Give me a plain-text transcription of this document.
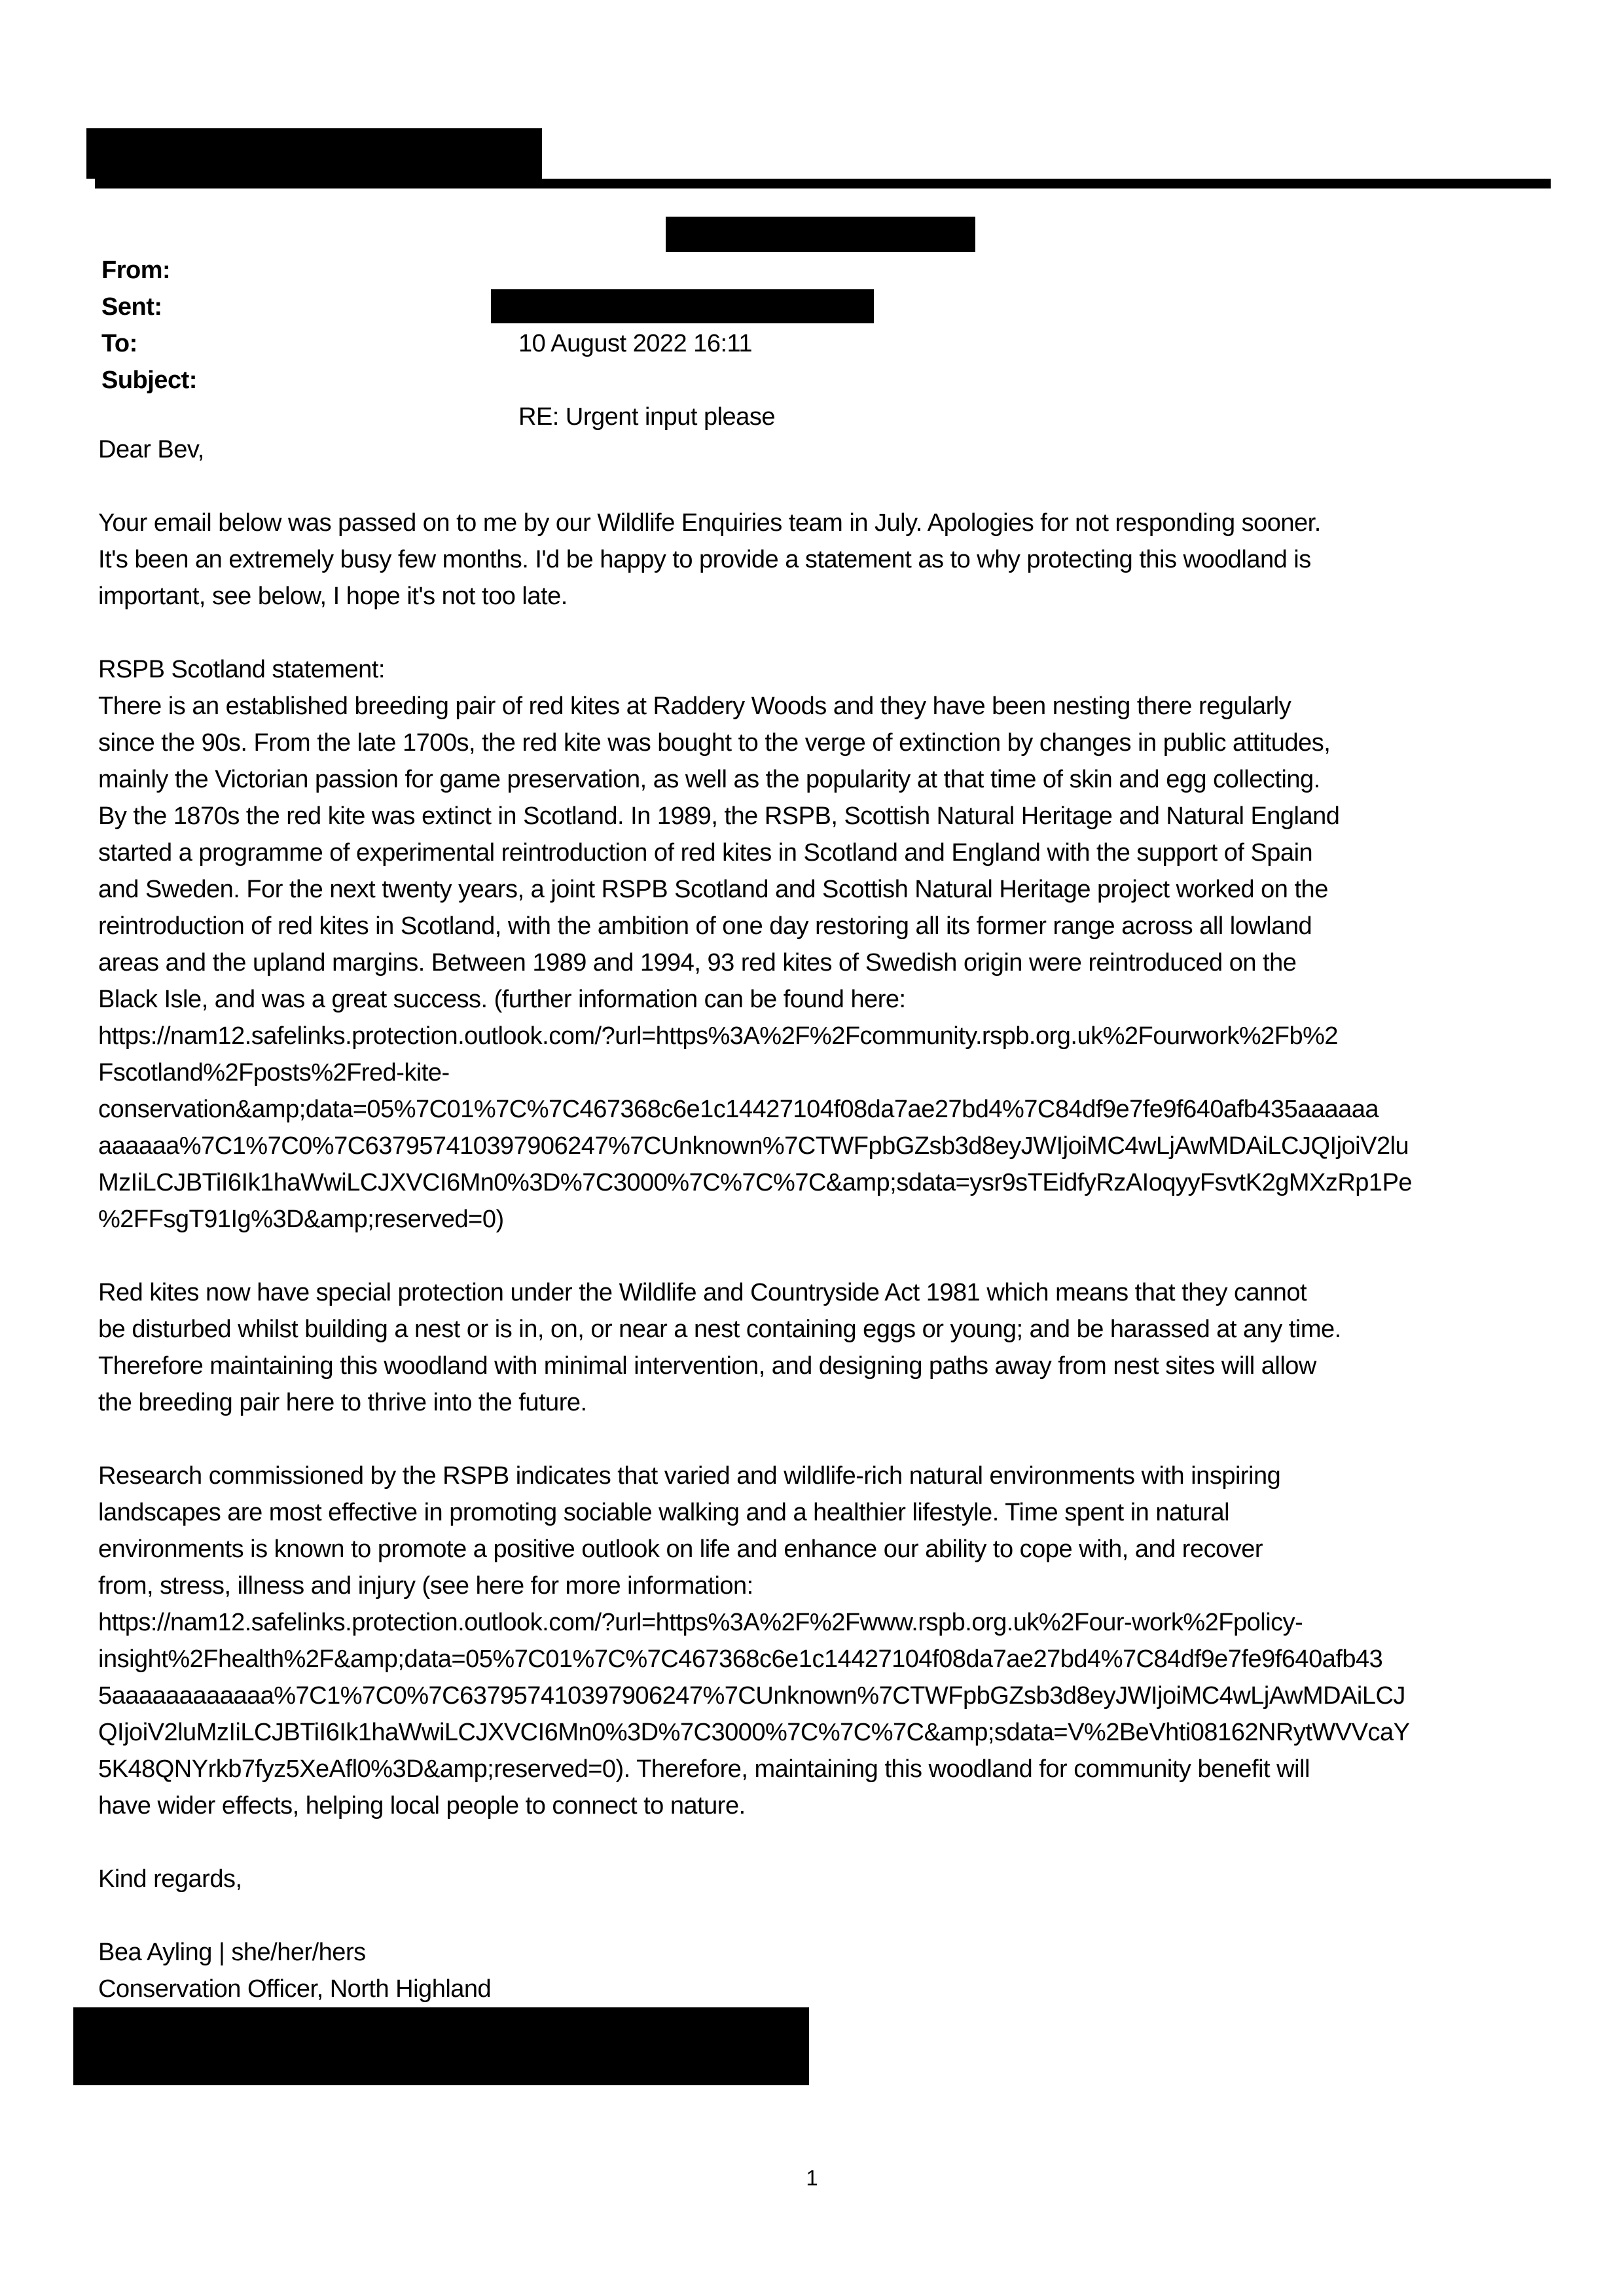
From:

Sent:

10 August 2022 16:11

To:

Subject:

RE: Urgent input please

Dear Bev,
Your email below was passed on to me by our Wildlife Enquiries team in July. Apologies for not responding sooner.
It's been an extremely busy few months. I'd be happy to provide a statement as to why protecting this woodland is
important, see below, I hope it's not too late.
RSPB Scotland statement:
There is an established breeding pair of red kites at Raddery Woods and they have been nesting there regularly
since the 90s. From the late 1700s, the red kite was bought to the verge of extinction by changes in public attitudes,
mainly the Victorian passion for game preservation, as well as the popularity at that time of skin and egg collecting.
By the 1870s the red kite was extinct in Scotland. In 1989, the RSPB, Scottish Natural Heritage and Natural England
started a programme of experimental reintroduction of red kites in Scotland and England with the support of Spain
and Sweden. For the next twenty years, a joint RSPB Scotland and Scottish Natural Heritage project worked on the
reintroduction of red kites in Scotland, with the ambition of one day restoring all its former range across all lowland
areas and the upland margins. Between 1989 and 1994, 93 red kites of Swedish origin were reintroduced on the
Black Isle, and was a great success. (further information can be found here:
https://nam12.safelinks.protection.outlook.com/?url=https%3A%2F%2Fcommunity.rspb.org.uk%2Fourwork%2Fb%2
Fscotland%2Fposts%2Fred-kite-
conservation&amp;data=05%7C01%7C%7C467368c6e1c14427104f08da7ae27bd4%7C84df9e7fe9f640afb435aaaaaa
aaaaaa%7C1%7C0%7C637957410397906247%7CUnknown%7CTWFpbGZsb3d8eyJWIjoiMC4wLjAwMDAiLCJQIjoiV2lu
MzIiLCJBTiI6Ik1haWwiLCJXVCI6Mn0%3D%7C3000%7C%7C%7C&amp;sdata=ysr9sTEidfyRzAIoqyyFsvtK2gMXzRp1Pe
%2FFsgT91Ig%3D&amp;reserved=0)
Red kites now have special protection under the Wildlife and Countryside Act 1981 which means that they cannot
be disturbed whilst building a nest or is in, on, or near a nest containing eggs or young; and be harassed at any time.
Therefore maintaining this woodland with minimal intervention, and designing paths away from nest sites will allow
the breeding pair here to thrive into the future.
Research commissioned by the RSPB indicates that varied and wildlife-rich natural environments with inspiring
landscapes are most effective in promoting sociable walking and a healthier lifestyle. Time spent in natural
environments is known to promote a positive outlook on life and enhance our ability to cope with, and recover
from, stress, illness and injury (see here for more information:
https://nam12.safelinks.protection.outlook.com/?url=https%3A%2F%2Fwww.rspb.org.uk%2Four-work%2Fpolicy-
insight%2Fhealth%2F&amp;data=05%7C01%7C%7C467368c6e1c14427104f08da7ae27bd4%7C84df9e7fe9f640afb43
5aaaaaaaaaaaa%7C1%7C0%7C637957410397906247%7CUnknown%7CTWFpbGZsb3d8eyJWIjoiMC4wLjAwMDAiLCJ
QIjoiV2luMzIiLCJBTiI6Ik1haWwiLCJXVCI6Mn0%3D%7C3000%7C%7C%7C&amp;sdata=V%2BeVhti08162NRytWVVcaY
5K48QNYrkb7fyz5XeAfl0%3D&amp;reserved=0). Therefore, maintaining this woodland for community benefit will
have wider effects, helping local people to connect to nature.
Kind regards,
Bea Ayling | she/her/hers
Conservation Officer, North Highland
1
